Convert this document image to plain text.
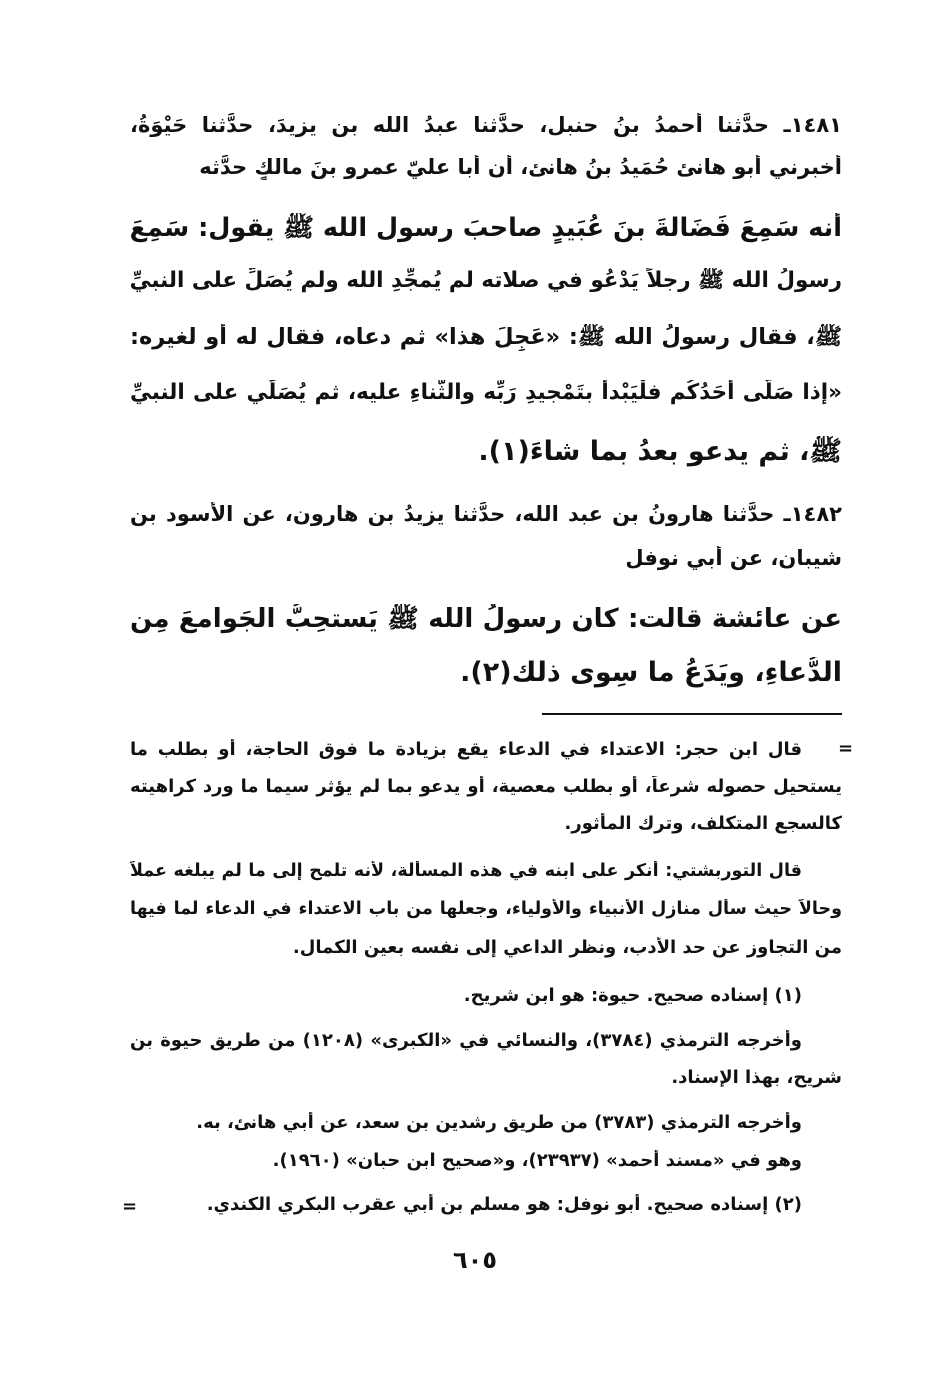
١٤٨١ـ حدَّثنا أحمدُ بنُ حنبل، حدَّثنا عبدُ الله بن يزيدَ، حدَّثنا حَيْوَةُ،
أخبرني أبو هانئ حُمَيدُ بنُ هانئ، أن أبا عليّ عمرو بنَ مالكٍ حدَّثه
أنه سَمِعَ فَضَالةَ بنَ عُبَيدٍ صاحبَ رسول الله ﷺ يقول: سَمِعَ
رسولُ الله ﷺ رجلاً يَدْعُو في صلاته لم يُمجِّدِ الله ولم يُصَلِّ على النبيِّ
ﷺ، فقال رسولُ الله ﷺ: «عَجِلَ هذا» ثم دعاه، فقال له أو لغيره:
«إذا صَلَّى أحَدُكُم فلْيَبْدأ بتَمْجيدِ رَبِّه والثَّناءِ عليه، ثم يُصَلِّي على النبيِّ
ﷺ، ثم يدعو بعدُ بما شاءَ(١).
١٤٨٢ـ حدَّثنا هارونُ بن عبد الله، حدَّثنا يزيدُ بن هارون، عن الأسود بن
شيبان، عن أبي نوفل
عن عائشة قالت: كان رسولُ الله ﷺ يَستحِبُّ الجَوامعَ مِن
الدُّعاءِ، ويَدَعُ ما سِوى ذلك(٢).
=
قال ابن حجر: الاعتداء في الدعاء يقع بزيادة ما فوق الحاجة، أو بطلب ما
يستحيل حصوله شرعاً، أو بطلب معصية، أو يدعو بما لم يؤثر سيما ما ورد كراهيته
كالسجع المتكلف، وترك المأثور.
قال التوربشتي: أنكر على ابنه في هذه المسألة، لأنه تلمح إلى ما لم يبلغه عملاً
وحالاً حيث سأل منازل الأنبياء والأولياء، وجعلها من باب الاعتداء في الدعاء لما فيها
من التجاوز عن حد الأدب، ونظر الداعي إلى نفسه بعين الكمال.
(١) إسناده صحيح. حيوة: هو ابن شريح.
وأخرجه الترمذي (٣٧٨٤)، والنسائي في «الكبرى» (١٢٠٨) من طريق حيوة بن
شريح، بهذا الإسناد.
وأخرجه الترمذي (٣٧٨٣) من طريق رشدين بن سعد، عن أبي هانئ، به.
وهو في «مسند أحمد» (٢٣٩٣٧)، و«صحيح ابن حبان» (١٩٦٠).
(٢) إسناده صحيح. أبو نوفل: هو مسلم بن أبي عقرب البكري الكندي.
=
٦٠٥
